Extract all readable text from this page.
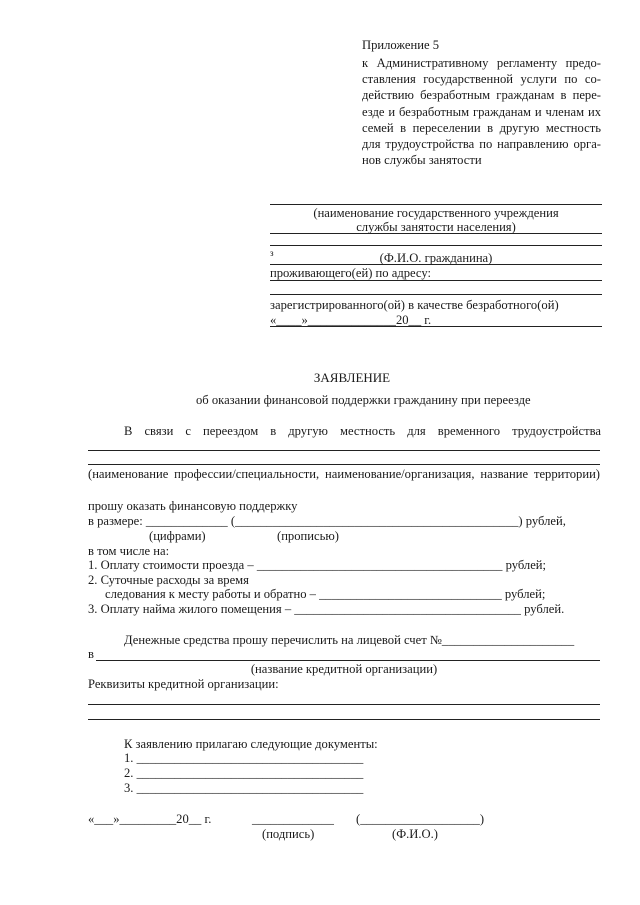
Приложение 5
к Административному регламенту предо-
ставления государственной услуги по со-
действию безработным гражданам в пере-
езде и безработным гражданам и членам их
семей в переселении в другую местность
для трудоустройства по направлению орга-
нов службы занятости
(наименование государственного учреждения
службы занятости населения)
з	(Ф.И.О. гражданина)
проживающего(ей) по адресу:
зарегистрированного(ой) в качестве безработного(ой)
«____»______________20__ г.
ЗАЯВЛЕНИЕ
об оказании финансовой поддержки гражданину при переезде
В связи с переездом в другую местность для временного трудоустройства
(наименование профессии/специальности, наименование/организация, название территории)
прошу оказать финансовую поддержку
в размере: _____________ (_____________________________________________) рублей,
(цифрами)	(прописью)
в том числе на:
1. Оплату стоимости проезда – _______________________________________ рублей;
2. Суточные расходы за время
следования к месту работы и обратно – _____________________________ рублей;
3. Оплату найма жилого помещения – ____________________________________ рублей.
Денежные средства прошу перечислить на лицевой счет №_____________________
в
(название кредитной организации)
Реквизиты кредитной организации:
К заявлению прилагаю следующие документы:
1. ____________________________________
2. ____________________________________
3. ____________________________________
«___»_________20__ г.	_____________ (___________________)
(подпись)	(Ф.И.О.)
